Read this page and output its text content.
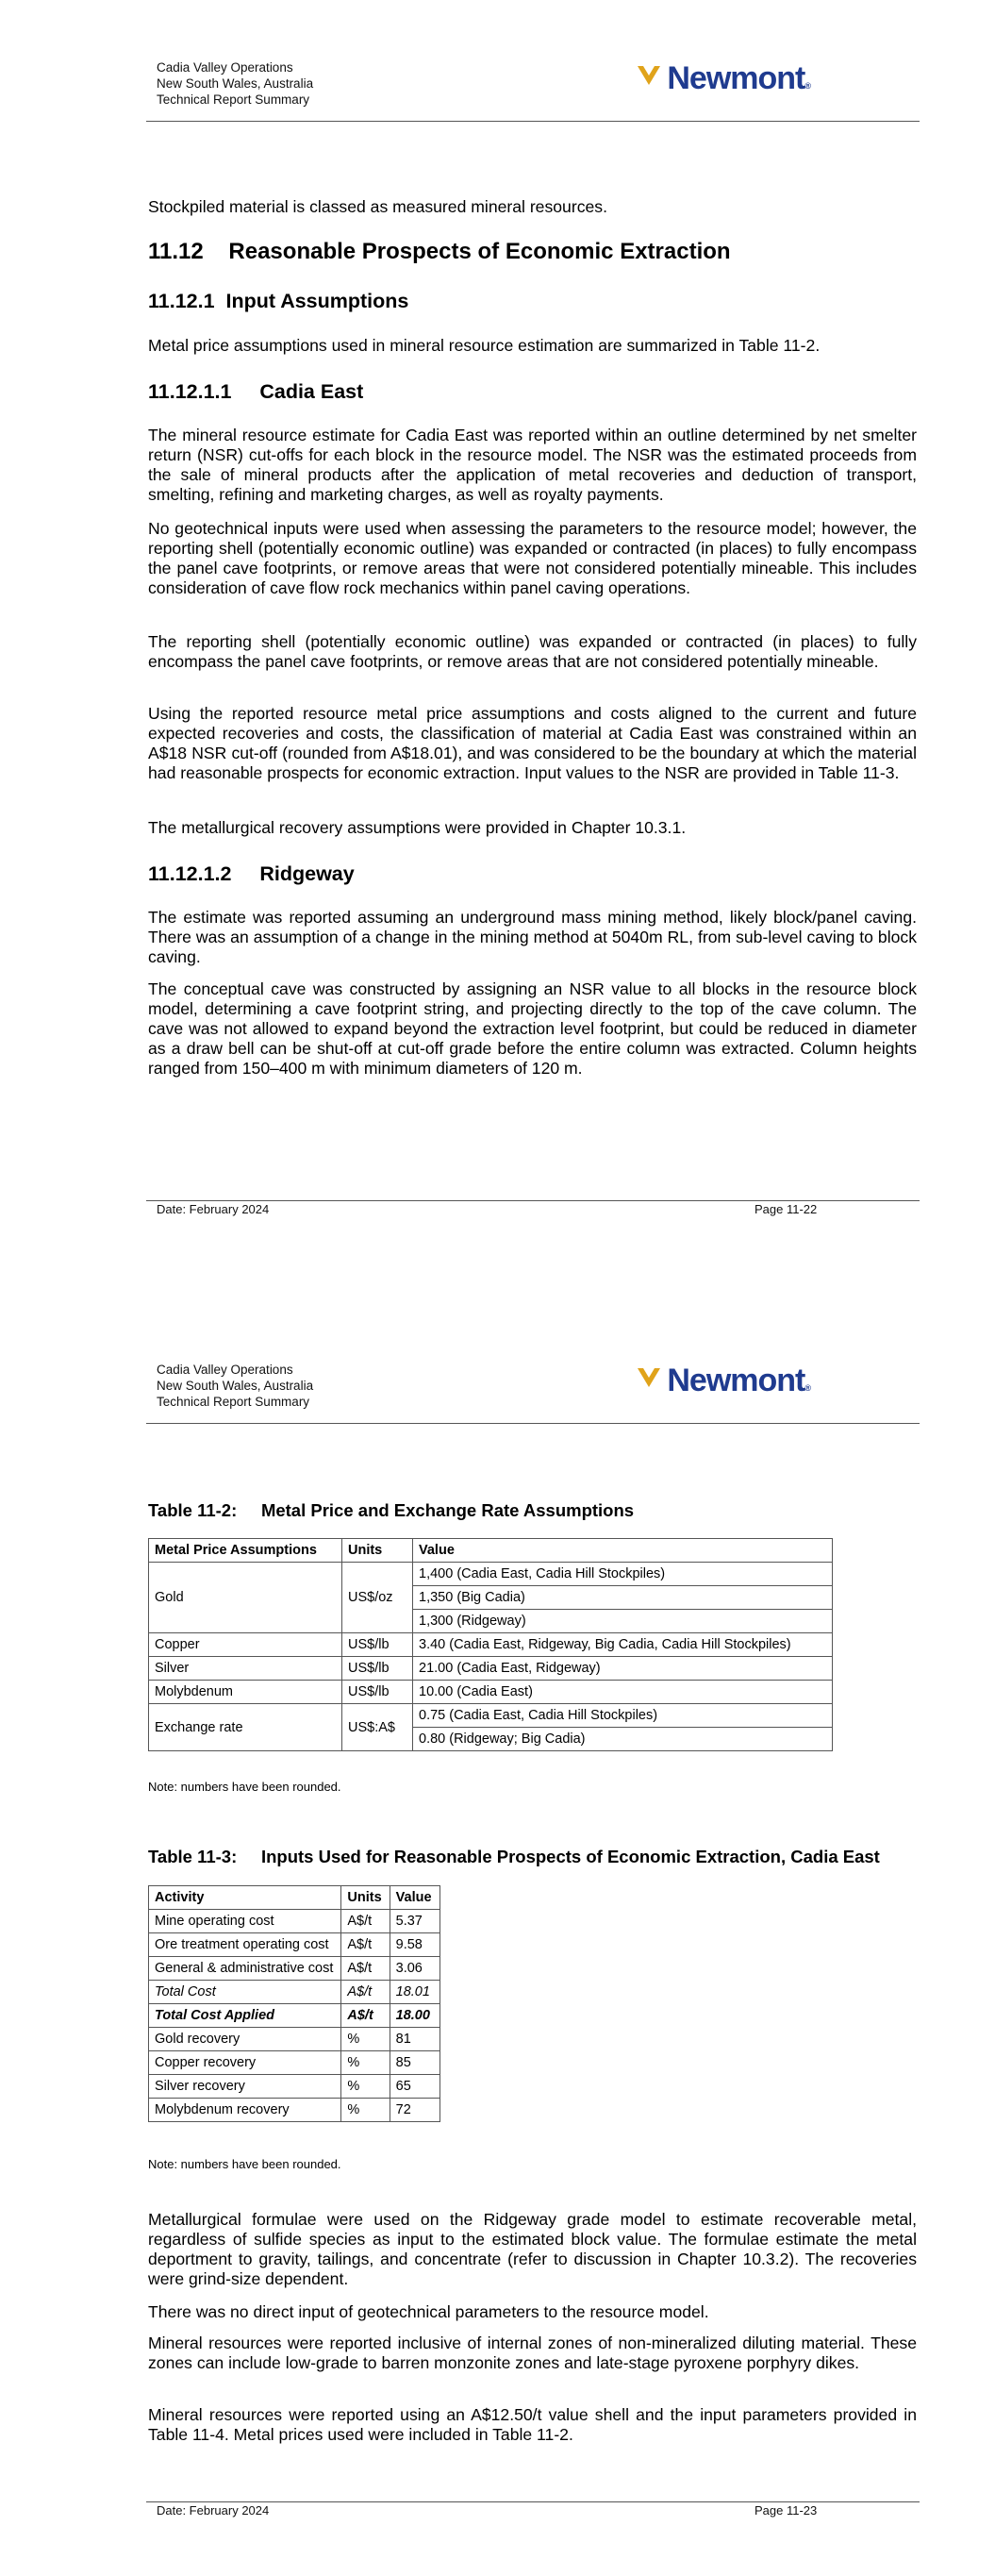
Cadia Valley Operations
New South Wales, Australia
Technical Report Summary
Newmont®

Stockpiled material is classed as measured mineral resources.

11.12    Reasonable Prospects of Economic Extraction
11.12.1  Input Assumptions

Metal price assumptions used in mineral resource estimation are summarized in Table 11-2.

11.12.1.1     Cadia East

The mineral resource estimate for Cadia East was reported within an outline determined by net smelter return (NSR) cut-offs for each block in the resource model. The NSR was the estimated proceeds from the sale of mineral products after the application of metal recoveries and deduction of transport, smelting, refining and marketing charges, as well as royalty payments.

No geotechnical inputs were used when assessing the parameters to the resource model; however, the reporting shell (potentially economic outline) was expanded or contracted (in places) to fully encompass the panel cave footprints, or remove areas that were not considered potentially mineable. This includes consideration of cave flow rock mechanics within panel caving operations.

The reporting shell (potentially economic outline) was expanded or contracted (in places) to fully encompass the panel cave footprints, or remove areas that are not considered potentially mineable.

Using the reported resource metal price assumptions and costs aligned to the current and future expected recoveries and costs, the classification of material at Cadia East was constrained within an A$18 NSR cut-off (rounded from A$18.01), and was considered to be the boundary at which the material had reasonable prospects for economic extraction. Input values to the NSR are provided in Table 11-3.

The metallurgical recovery assumptions were provided in Chapter 10.3.1.

11.12.1.2     Ridgeway

The estimate was reported assuming an underground mass mining method, likely block/panel caving. There was an assumption of a change in the mining method at 5040m RL, from sub-level caving to block caving.

The conceptual cave was constructed by assigning an NSR value to all blocks in the resource block model, determining a cave footprint string, and projecting directly to the top of the cave column. The cave was not allowed to expand beyond the extraction level footprint, but could be reduced in diameter as a draw bell can be shut-off at cut-off grade before the entire column was extracted. Column heights ranged from 150–400 m with minimum diameters of 120 m.

Date: February 2024	Page 11-22
Cadia Valley Operations
New South Wales, Australia
Technical Report Summary
Newmont®

Table 11-2:     Metal Price and Exchange Rate Assumptions

Metal Price Assumptions	Units	Value
Gold	US$/oz	1,400 (Cadia East, Cadia Hill Stockpiles)
		1,350 (Big Cadia)
		1,300 (Ridgeway)
Copper	US$/lb	3.40 (Cadia East, Ridgeway, Big Cadia, Cadia Hill Stockpiles)
Silver	US$/lb	21.00 (Cadia East, Ridgeway)
Molybdenum	US$/lb	10.00 (Cadia East)
Exchange rate	US$:A$	0.75 (Cadia East, Cadia Hill Stockpiles)
		0.80 (Ridgeway; Big Cadia)
Note: numbers have been rounded.

Table 11-3:     Inputs Used for Reasonable Prospects of Economic Extraction, Cadia East

Activity	Units	Value
Mine operating cost	A$/t	5.37
Ore treatment operating cost	A$/t	9.58
General & administrative cost	A$/t	3.06
Total Cost	A$/t	18.01
Total Cost Applied	A$/t	18.00
Gold recovery	%	81
Copper recovery	%	85
Silver recovery	%	65
Molybdenum recovery	%	72
Note: numbers have been rounded.

Metallurgical formulae were used on the Ridgeway grade model to estimate recoverable metal, regardless of sulfide species as input to the estimated block value. The formulae estimate the metal deportment to gravity, tailings, and concentrate (refer to discussion in Chapter 10.3.2). The recoveries were grind-size dependent.

There was no direct input of geotechnical parameters to the resource model.

Mineral resources were reported inclusive of internal zones of non-mineralized diluting material. These zones can include low-grade to barren monzonite zones and late-stage pyroxene porphyry dikes.

Mineral resources were reported using an A$12.50/t value shell and the input parameters provided in Table 11-4. Metal prices used were included in Table 11-2.

Date: February 2024	Page 11-23
